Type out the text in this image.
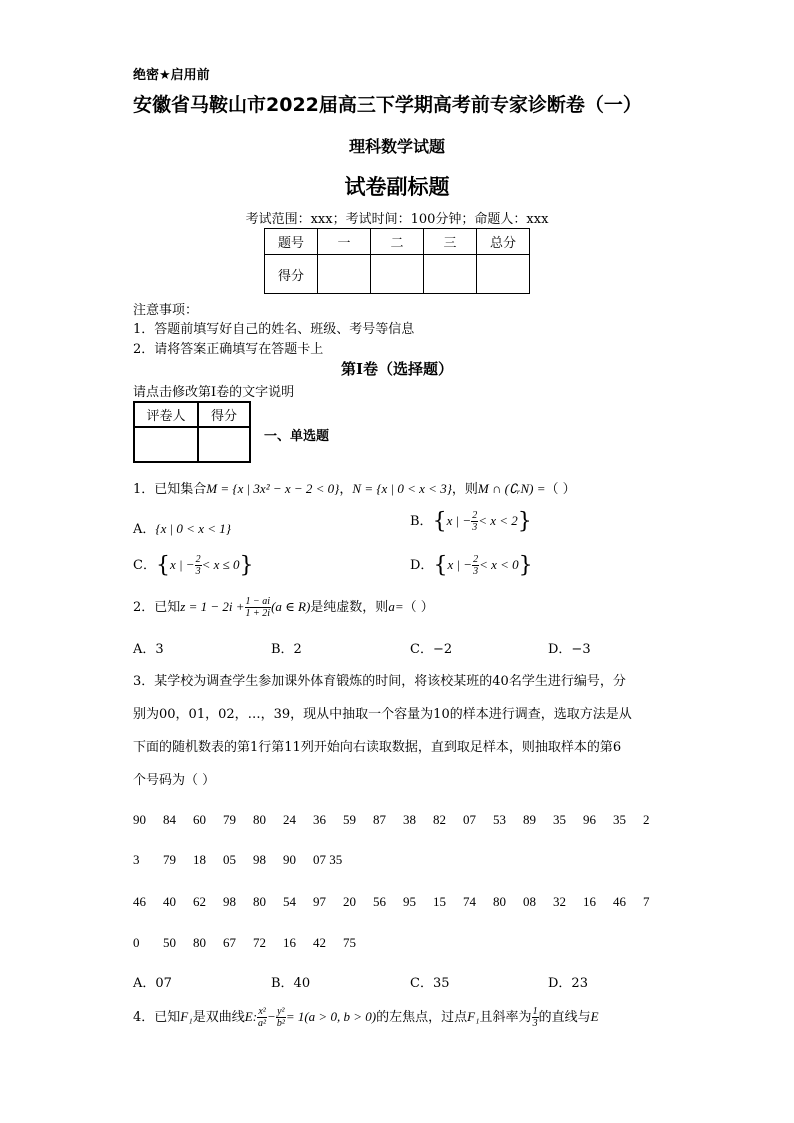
绝密★启用前
安徽省马鞍山市2022届高三下学期高考前专家诊断卷（一）
理科数学试题
试卷副标题
考试范围：xxx；考试时间：100分钟；命题人：xxx
题号	一	二	三	总分
得分				
注意事项：
1．答题前填写好自己的姓名、班级、考号等信息
2．请将答案正确填写在答题卡上
第I卷（选择题）
请点击修改第I卷的文字说明
评卷人	得分

一、单选题
1．已知集合M = {x | 3x² − x − 2 < 0}，N = {x | 0 < x < 3}，则M ∩ (∁ᵣN) =（ ）
A．{x | 0 < x < 1}	B．{x | − $\frac{2}{3} < x < 2$}
C．{x | − $\frac{2}{3} < x \le 0$}	D．{x | − $\frac{2}{3} < x < 0$}
2．已知$z = 1 - 2i + \frac{1 - ai}{1 + 2i} (a$ ∈ R)是纯虚数，则a=（ ）
A．3	B．2	C．−2	D．−3
3．某学校为调查学生参加课外体育锻炼的时间，将该校某班的40名学生进行编号，分
别为00，01，02，…，39，现从中抽取一个容量为10的样本进行调查，选取方法是从
下面的随机数表的第1行第11列开始向右读取数据，直到取足样本，则抽取样本的第6
个号码为（ ）
90 84 60 79 80 24 36 59 87 38 82 07 53 89 35 96 35 2
3 79 18 05 98 90 07 35
46 40 62 98 80 54 97 20 56 95 15 74 80 08 32 16 46 7
0 50 80 67 72 16 42 75
A．07	B．40	C．35	D．23
4．已知F₁是双曲线E: $\frac{\text{x²}}{\text{a²}} - \frac{\text{y²}}{\text{b²}} = 1(a > 0$, b > 0)的左焦点，过点F₁且斜率为 $\frac{1}{3}$ 的直线与E
